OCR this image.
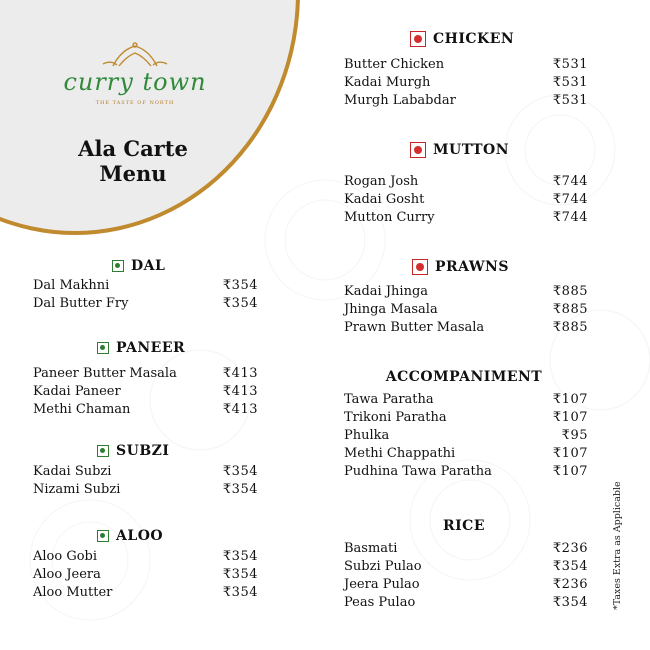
curry town
THE TASTE OF NORTH
Ala Carte
Menu
DAL
Dal Makhni	₹354
Dal Butter Fry	₹354
PANEER
Paneer Butter Masala	₹413
Kadai Paneer	₹413
Methi Chaman	₹413
SUBZI
Kadai Subzi	₹354
Nizami Subzi	₹354
ALOO
Aloo Gobi	₹354
Aloo Jeera	₹354
Aloo Mutter	₹354
CHICKEN
Butter Chicken	₹531
Kadai Murgh	₹531
Murgh Lababdar	₹531
MUTTON
Rogan Josh	₹744
Kadai Gosht	₹744
Mutton Curry	₹744
PRAWNS
Kadai Jhinga	₹885
Jhinga Masala	₹885
Prawn Butter Masala	₹885
ACCOMPANIMENT
Tawa Paratha	₹107
Trikoni Paratha	₹107
Phulka	₹95
Methi Chappathi	₹107
Pudhina Tawa Paratha	₹107
RICE
Basmati	₹236
Subzi Pulao	₹354
Jeera Pulao	₹236
Peas Pulao	₹354	*Taxes Extra as Applicable
